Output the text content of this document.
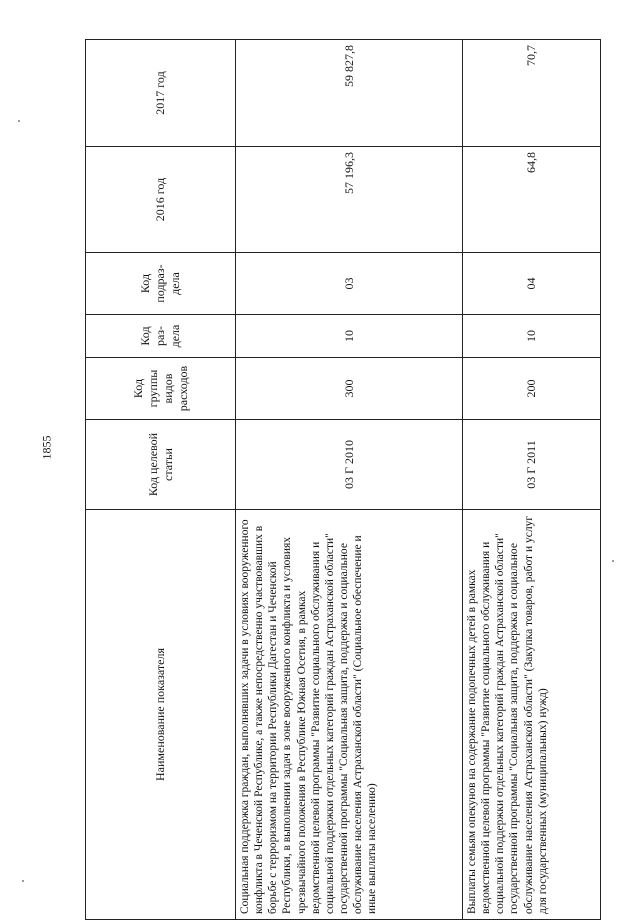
1855
Наименование показателя	Код целевой статьи	Код группы видов расходов	Код раз- дела	Код подраз- дела	2016 год	2017 год
Социальная поддержка граждан, выполнявших задачи в условиях вооруженного конфликта в Чеченской Республике, а также непосредственно участвовавших в борьбе с терроризмом на территории Республики Дагестан и Чеченской Республики, в выполнении задач в зоне вооруженного конфликта и условиях чрезвычайного положения в Республике Южная Осетия, в рамках ведомственной целевой программы "Развитие социального обслуживания и социальной поддержки отдельных категорий граждан Астраханской области" государственной программы "Социальная защита, поддержка и социальное обслуживание населения Астраханской области" (Социальное обеспечение и иные выплаты населению)	03 Г 2010	300	10	03	57 196,3	59 827,8
Выплаты семьям опекунов на содержание подопечных детей в рамках ведомственной целевой программы "Развитие социального обслуживания и социальной поддержки отдельных категорий граждан Астраханской области" государственной программы "Социальная защита, поддержка и социальное обслуживание населения Астраханской области" (Закупка товаров, работ и услуг для государственных (муниципальных) нужд)	03 Г 2011	200	10	04	64,8	70,7
